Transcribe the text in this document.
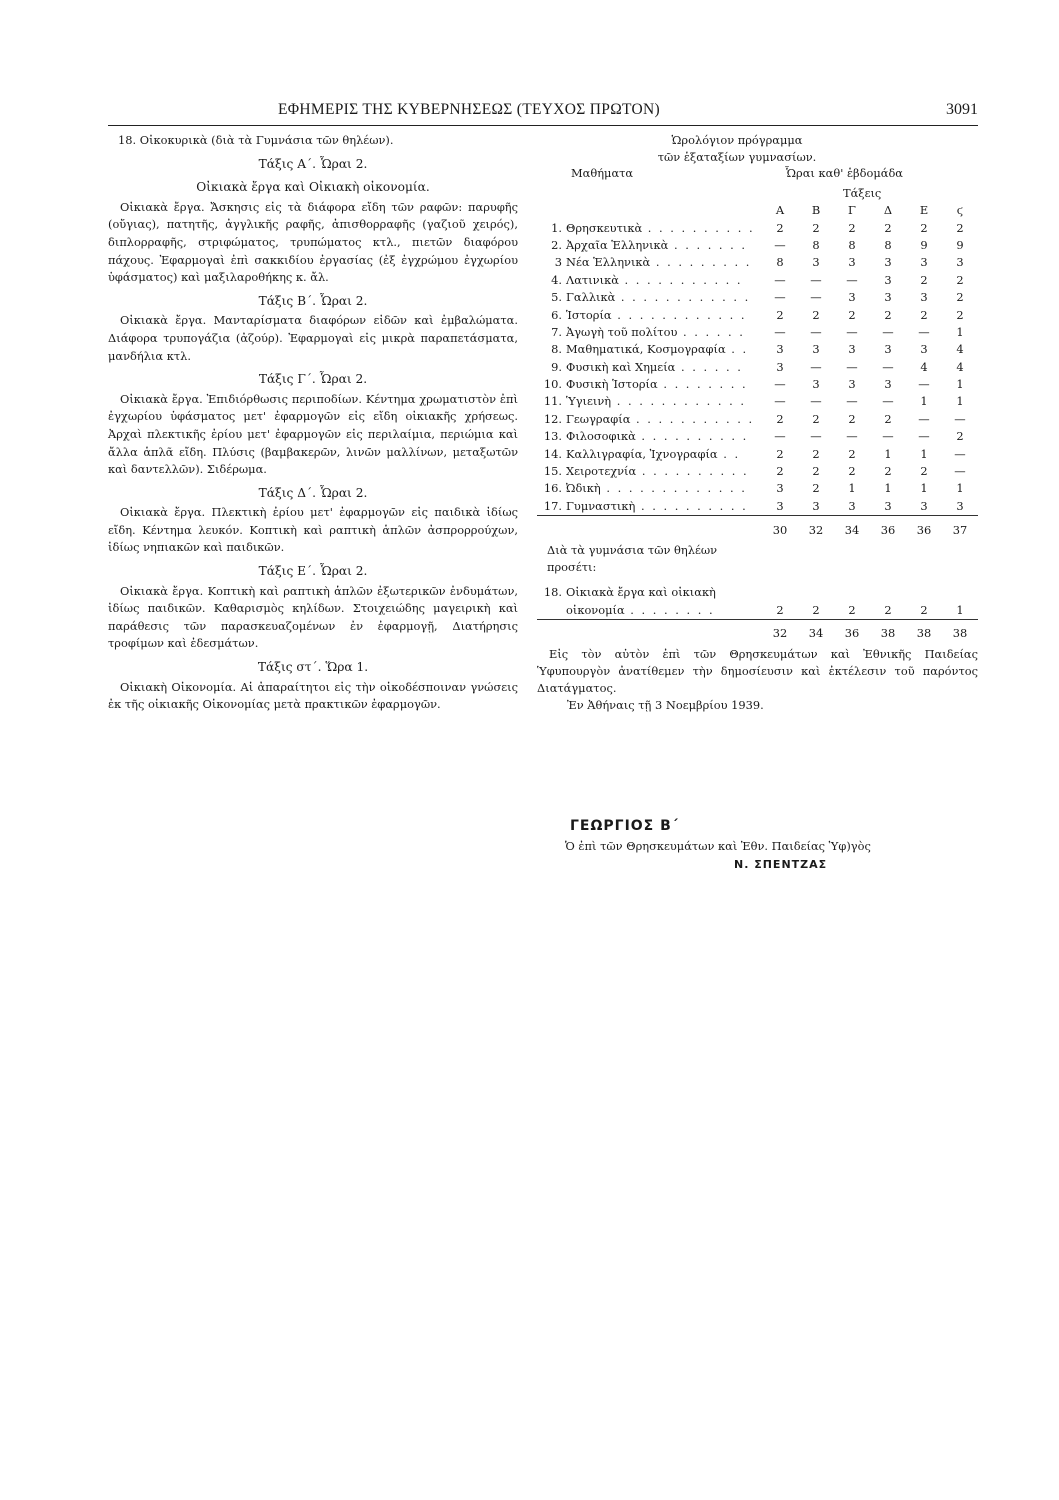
ΕΦΗΜΕΡΙΣ ΤΗΣ ΚΥΒΕΡΝΗΣΕΩΣ (ΤΕΥΧΟΣ ΠΡΩΤΟΝ)	3091

18. Οἰκοκυρικὰ (διὰ τὰ Γυμνάσια τῶν θηλέων).

Τάξις Α΄. Ὧραι 2.

Οἰκιακὰ ἔργα καὶ Οἰκιακὴ οἰκονομία.

Οἰκιακὰ ἔργα. Ἄσκησις εἰς τὰ διάφορα εἴδη τῶν ραφῶν: παρυφῆς (οὔγιας), πατητῆς, ἀγγλικῆς ραφῆς, ἀπισθορραφῆς (γαζιοῦ χειρός), διπλορραφῆς, στριφώματος, τρυπώματος κτλ., πιετῶν διαφόρου πάχους. Ἐφαρμογαὶ ἐπὶ σακκιδίου ἐργασίας (ἐξ ἐγχρώμου ἐγχωρίου ὑφάσματος) καὶ μαξιλαροθήκης κ. ἄλ.

Τάξις Β΄. Ὧραι 2.

Οἰκιακὰ ἔργα. Μανταρίσματα διαφόρων εἰδῶν καὶ ἐμβαλώματα. Διάφορα τρυπογάζια (ἀζούρ). Ἐφαρμογαὶ εἰς μικρὰ παραπετάσματα, μανδήλια κτλ.

Τάξις Γ΄. Ὧραι 2.

Οἰκιακὰ ἔργα. Ἐπιδιόρθωσις περιποδίων. Κέντημα χρωματιστὸν ἐπὶ ἐγχωρίου ὑφάσματος μετ' ἐφαρμογῶν εἰς εἴδη οἰκιακῆς χρήσεως. Ἀρχαὶ πλεκτικῆς ἐρίου μετ' ἐφαρμογῶν εἰς περιλαίμια, περιώμια καὶ ἄλλα ἁπλᾶ εἴδη. Πλύσις (βαμβακερῶν, λινῶν μαλλίνων, μεταξωτῶν καὶ δαντελλῶν). Σιδέρωμα.

Τάξις Δ΄. Ὧραι 2.

Οἰκιακὰ ἔργα. Πλεκτικὴ ἐρίου μετ' ἐφαρμογῶν εἰς παιδικὰ ἰδίως εἴδη. Κέντημα λευκόν. Κοπτικὴ καὶ ραπτικὴ ἁπλῶν ἀσπρορρούχων, ἰδίως νηπιακῶν καὶ παιδικῶν.

Τάξις Ε΄. Ὧραι 2.

Οἰκιακὰ ἔργα. Κοπτικὴ καὶ ραπτικὴ ἁπλῶν ἐξωτερικῶν ἐνδυμάτων, ἰδίως παιδικῶν. Καθαρισμὸς κηλίδων. Στοιχειώδης μαγειρικὴ καὶ παράθεσις τῶν παρασκευαζομένων ἐν ἐφαρμογῇ, Διατήρησις τροφίμων καὶ ἐδεσμάτων.

Τάξις στ΄. Ὥρα 1.

Οἰκιακὴ Οἰκονομία. Αἱ ἀπαραίτητοι εἰς τὴν οἰκοδέσποιναν γνώσεις ἐκ τῆς οἰκιακῆς Οἰκονομίας μετὰ πρακτικῶν ἐφαρμογῶν.

Ὡρολόγιον πρόγραμμα
τῶν ἑξαταξίων γυμνασίων.
Μαθήματα	Ὧραι καθ' ἑβδομάδα
Τάξεις
		Α	Β	Γ	Δ	Ε	ϛ
1.	Θρησκευτικὰ . . . . . . . . . .	2	2	2	2	2	2
2.	Ἀρχαῖα Ἑλληνικὰ . . . . . . .	—	8	8	8	9	9
3	Νέα Ἑλληνικὰ . . . . . . . . .	8	3	3	3	3	3
4.	Λατινικὰ . . . . . . . . . . .	—	—	—	3	2	2
5.	Γαλλικὰ . . . . . . . . . . . .	—	—	3	3	3	2
6.	Ἱστορία . . . . . . . . . . . .	2	2	2	2	2	2
7.	Ἀγωγὴ τοῦ πολίτου . . . . . .	—	—	—	—	—	1
8.	Μαθηματικά, Κοσμογραφία . .	3	3	3	3	3	4
9.	Φυσικὴ καὶ Χημεία . . . . . .	3	—	—	—	4	4
10.	Φυσικὴ Ἱστορία . . . . . . . .	—	3	3	3	—	1
11.	Ὑγιεινὴ . . . . . . . . . . . .	—	—	—	—	1	1
12.	Γεωγραφία . . . . . . . . . . .	2	2	2	2	—	—
13.	Φιλοσοφικὰ . . . . . . . . . .	—	—	—	—	—	2
14.	Καλλιγραφία, Ἰχνογραφία . .	2	2	2	1	1	—
15.	Χειροτεχνία . . . . . . . . . .	2	2	2	2	2	—
16.	Ὠδικὴ . . . . . . . . . . . . .	3	2	1	1	1	1
17.	Γυμναστικὴ . . . . . . . . . .	3	3	3	3	3	3
		30	32	34	36	36	37
Διὰ τὰ γυμνάσια τῶν θηλέων προσέτι:
18.	Οἰκιακὰ ἔργα καὶ οἰκιακὴ						
	οἰκονομία . . . . . . . .	2	2	2	2	2	1
		32	34	36	38	38	38

Εἰς τὸν αὐτὸν ἐπὶ τῶν Θρησκευμάτων καὶ Ἐθνικῆς Παιδείας Ὑφυπουργὸν ἀνατίθεμεν τὴν δημοσίευσιν καὶ ἐκτέλεσιν τοῦ παρόντος Διατάγματος.

Ἐν Ἀθήναις τῇ 3 Νοεμβρίου 1939.

ΓΕΩΡΓΙΟΣ Β΄
Ὁ ἐπὶ τῶν Θρησκευμάτων καὶ Ἐθν. Παιδείας Ὑφ)γὸς
Ν. ΣΠΕΝΤΖΑΣ
